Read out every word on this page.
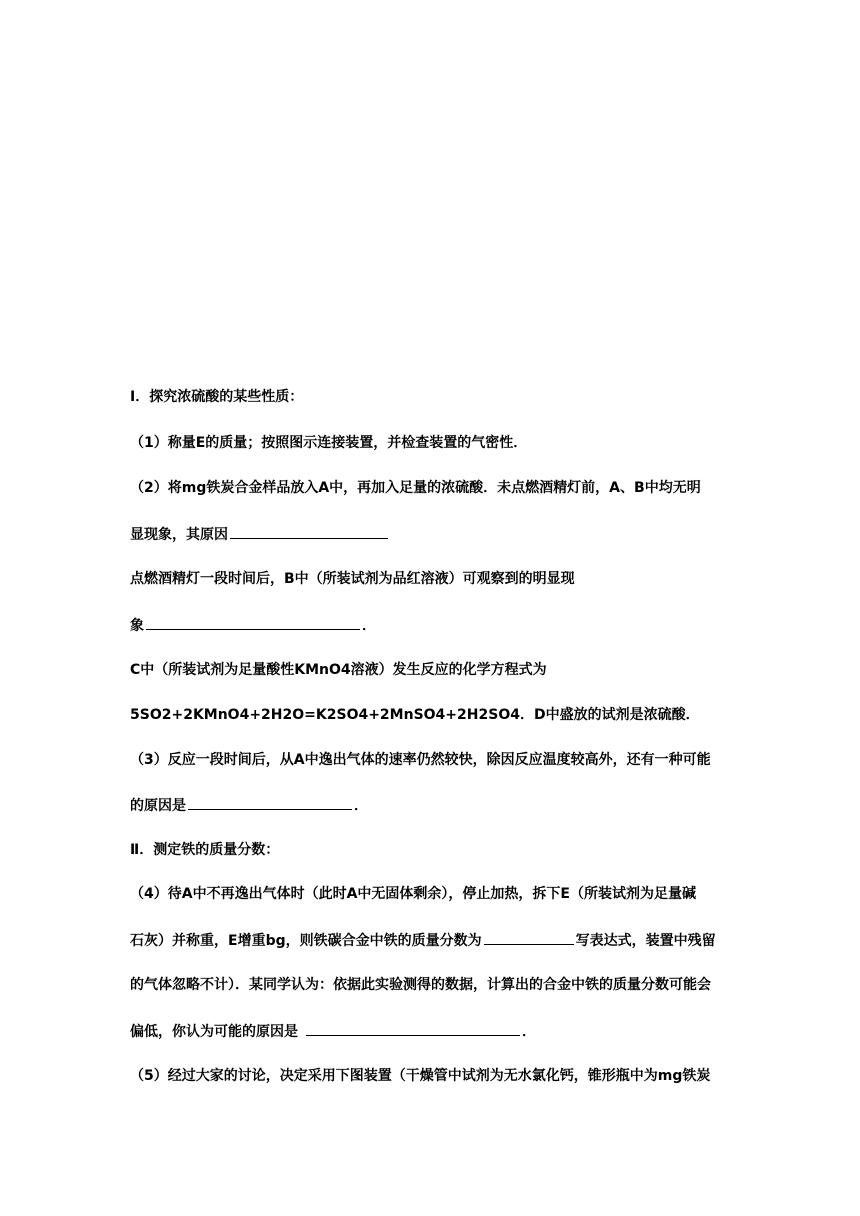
Ⅰ．探究浓硫酸的某些性质：
（1）称量E的质量；按照图示连接装置，并检查装置的气密性．
（2）将mg铁炭合金样品放入A中，再加入足量的浓硫酸．未点燃酒精灯前，A、B中均无明
显现象，其原因
点燃酒精灯一段时间后，B中（所装试剂为品红溶液）可观察到的明显现
象	．
C中（所装试剂为足量酸性KMnO4溶液）发生反应的化学方程式为
5SO2+2KMnO4+2H2O=K2SO4+2MnSO4+2H2SO4．D中盛放的试剂是浓硫酸．
（3）反应一段时间后，从A中逸出气体的速率仍然较快，除因反应温度较高外，还有一种可能
的原因是	．
Ⅱ．测定铁的质量分数：
（4）待A中不再逸出气体时（此时A中无固体剩余），停止加热，拆下E（所装试剂为足量碱
石灰）并称重，E增重bg，则铁碳合金中铁的质量分数为	写表达式，装置中残留
的气体忽略不计）．某同学认为：依据此实验测得的数据，计算出的合金中铁的质量分数可能会
偏低，你认为可能的原因是	．
（5）经过大家的讨论，决定采用下图装置（干燥管中试剂为无水氯化钙，锥形瓶中为mg铁炭
